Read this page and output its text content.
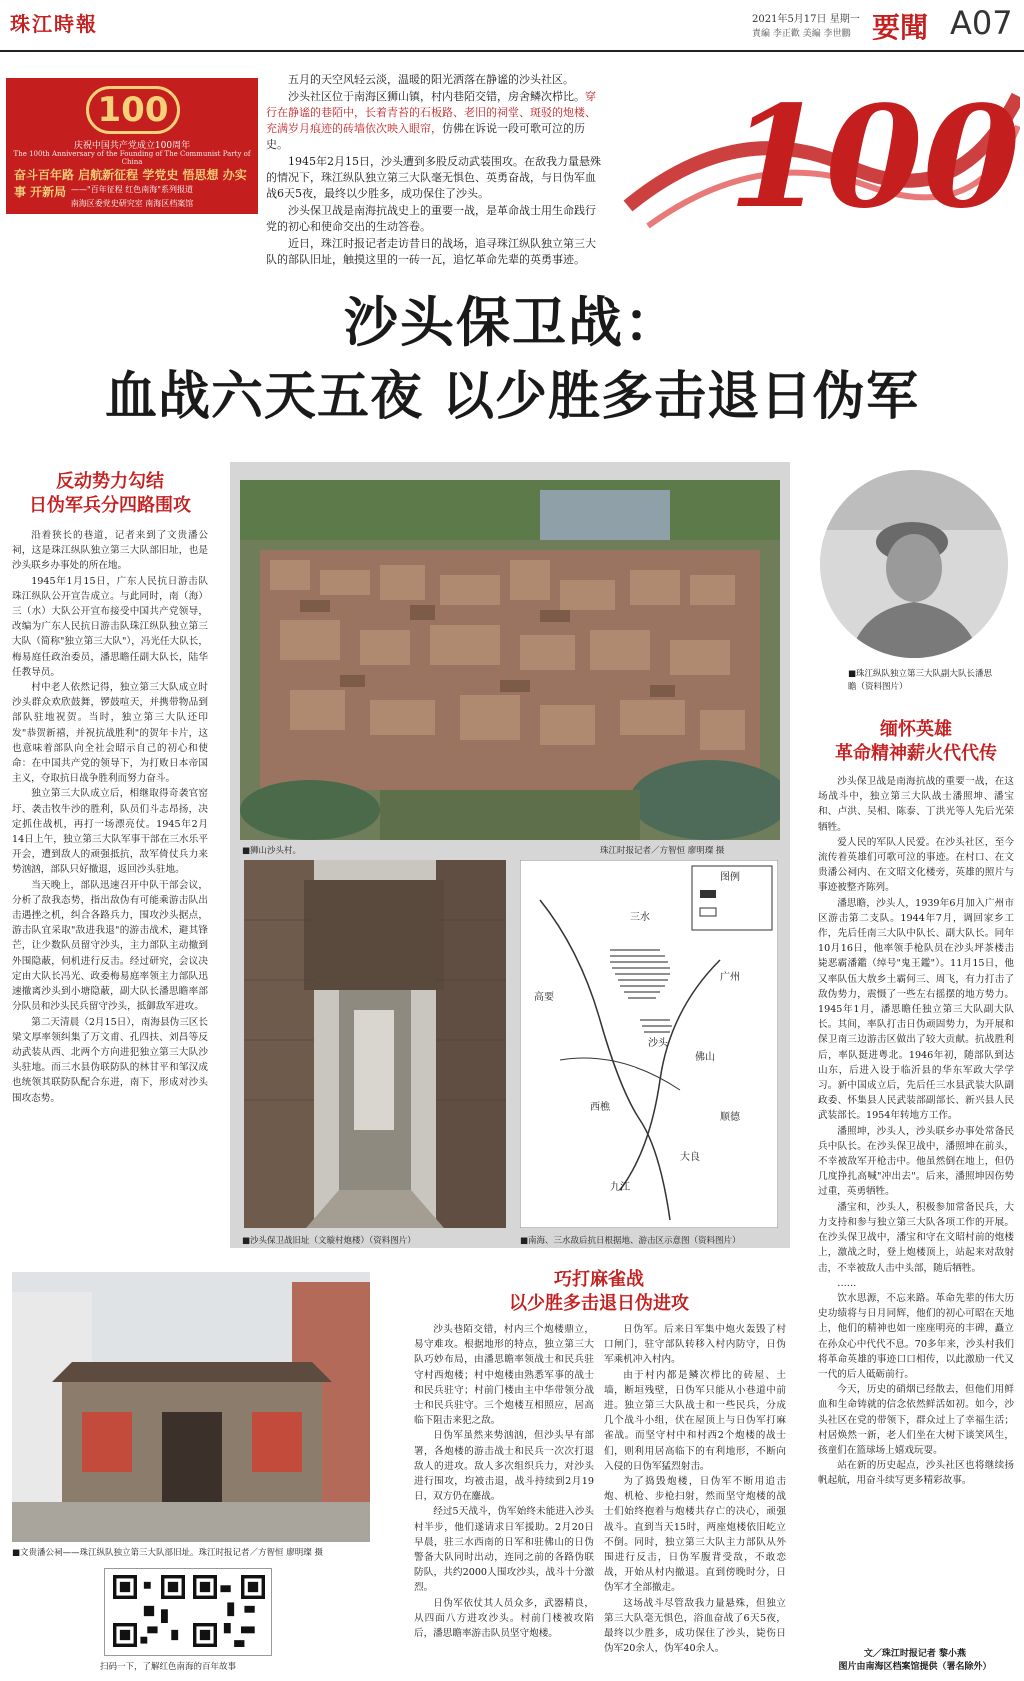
珠江時報	2021年5月17日 星期一
責編 李正歡 美編 李世鵬 要聞 A07
100
庆祝中国共产党成立100周年
The 100th Anniversary of the Founding of The Communist Party of China
奋斗百年路 启航新征程 学党史 悟思想 办实事 开新局 ——"百年征程 红色南海"系列报道
南海区委党史研究室 南海区档案馆

五月的天空风轻云淡，温暖的阳光洒落在静谧的沙头社区。

沙头社区位于南海区狮山镇，村内巷陌交错，房舍鳞次栉比。穿行在静谧的巷陌中，长着青苔的石板路、老旧的祠堂、斑驳的炮楼、充满岁月痕迹的砖墙依次映入眼帘，仿佛在诉说一段可歌可泣的历史。

1945年2月15日，沙头遭到多股反动武装围攻。在敌我力量悬殊的情况下，珠江纵队独立第三大队毫无惧色、英勇奋战，与日伪军血战6天5夜，最终以少胜多，成功保住了沙头。

沙头保卫战是南海抗战史上的重要一战，是革命战士用生命践行党的初心和使命交出的生动答卷。

近日，珠江时报记者走访昔日的战场，追寻珠江纵队独立第三大队的部队旧址，触摸这里的一砖一瓦，追忆革命先辈的英勇事迹。

100
沙头保卫战：
血战六天五夜 以少胜多击退日伪军
反动势力勾结
日伪军兵分四路围攻

沿着狭长的巷道，记者来到了文贵潘公祠，这是珠江纵队独立第三大队部旧址，也是沙头联乡办事处的所在地。

1945年1月15日，广东人民抗日游击队珠江纵队公开宣告成立。与此同时，南（海）三（水）大队公开宣布接受中国共产党领导，改编为广东人民抗日游击队珠江纵队独立第三大队（简称"独立第三大队"），冯光任大队长，梅易庭任政治委员，潘思瞻任副大队长，陆华任教导员。

村中老人依然记得，独立第三大队成立时沙头群众欢欣鼓舞，锣鼓喧天，并携带物品到部队驻地祝贺。当时，独立第三大队还印发"恭贺新禧，并祝抗战胜利"的贺年卡片，这也意味着部队向全社会昭示自己的初心和使命：在中国共产党的领导下，为打败日本帝国主义，夺取抗日战争胜利而努力奋斗。

独立第三大队成立后，相继取得奇袭官窑圩、袭击牧牛沙的胜利，队员们斗志昂扬，决定抓住战机，再打一场漂亮仗。1945年2月14日上午，独立第三大队军事干部在三水乐平开会，遭到敌人的顽强抵抗，敌军倚仗兵力来势汹汹，部队只好撤退，返回沙头驻地。

当天晚上，部队迅速召开中队干部会议，分析了敌我态势，指出敌伪有可能乘游击队出击遇挫之机，纠合各路兵力，围攻沙头据点，游击队宜采取"敌进我退"的游击战术，避其锋芒，让少数队员留守沙头，主力部队主动撤到外围隐蔽，伺机进行反击。经过研究，会议决定由大队长冯光、政委梅易庭率领主力部队迅速撤离沙头到小塘隐蔽，副大队长潘思瞻率部分队员和沙头民兵留守沙头，抵御敌军进攻。

第二天清晨（2月15日），南海县伪三区长梁文厚率领纠集了万文甫、孔四扶、刘昌等反动武装从西、北两个方向进犯独立第三大队沙头驻地。而三水县伪联防队的林甘平和邹汉成也统领其联防队配合东进，南下，形成对沙头围攻态势。

■狮山沙头村。	珠江时报记者／方智恒 廖明璨 摄
■沙头保卫战旧址（文璇村炮楼）（资料图片）
图例
三水
广州
沙头
西樵
九江
大良
高要
佛山
顺德
■南海、三水敌后抗日根据地、游击区示意图（资料图片）
■珠江纵队独立第三大队副大队长潘思瞻（资料图片）
缅怀英雄
革命精神薪火代代传

沙头保卫战是南海抗战的重要一战，在这场战斗中，独立第三大队战士潘照坤、潘宝和、卢洪、吴相、陈泰、丁洪光等人先后光荣牺牲。

爱人民的军队人民爱。在沙头社区，至今流传着英雄们可歌可泣的事迹。在村口、在文贵潘公祠内、在文昭文化楼旁，英雄的照片与事迹被整齐陈列。

潘思瞻，沙头人，1939年6月加入广州市区游击第二支队。1944年7月，调回家乡工作，先后任南三大队中队长、副大队长。同年10月16日，他率领手枪队员在沙头坪茶楼击毙恶霸潘鑑（绰号"鬼王鑑"）。11月15日，他又率队伍大敖乡土霸何三、周飞，有力打击了敌伪势力，震慑了一些左右摇摆的地方势力。1945年1月，潘思瞻任独立第三大队副大队长。其间，率队打击日伪顽固势力，为开展和保卫南三边游击区做出了较大贡献。抗战胜利后，率队挺进粤北。1946年初，随部队到达山东，后进入设于临沂县的华东军政大学学习。新中国成立后，先后任三水县武装大队副政委、怀集县人民武装部副部长、新兴县人民武装部长。1954年转地方工作。

潘照坤，沙头人，沙头联乡办事处常备民兵中队长。在沙头保卫战中，潘照坤在前头，不幸被敌军开枪击中。他虽然倒在地上，但仍几度挣扎高喊"冲出去"。后来，潘照坤因伤势过重，英勇牺牲。

潘宝和，沙头人，积极参加常备民兵，大力支持和参与独立第三大队各项工作的开展。在沙头保卫战中，潘宝和守在文昭村前的炮楼上，激战之时，登上炮楼顶上，站起来对敌射击，不幸被敌人击中头部，随后牺牲。

……

饮水思源，不忘来路。革命先辈的伟大历史功绩将与日月同辉，他们的初心可昭在天地上，他们的精神也如一座座明亮的丰碑，矗立在孙众心中代代不息。70多年来，沙头村我们将革命英雄的事迹口口相传，以此激励一代又一代的后人砥砺前行。

今天，历史的硝烟已经散去，但他们用鲜血和生命铸就的信念依然鲜活如初。如今，沙头社区在党的带领下，群众过上了幸福生活；村居焕然一新，老人们坐在大树下谈笑风生，孩童们在篮球场上嬉戏玩耍。

站在新的历史起点，沙头社区也将继续扬帆起航，用奋斗续写更多精彩故事。

文／珠江时报记者 黎小燕
图片由南海区档案馆提供（署名除外）
■文贵潘公祠——珠江纵队独立第三大队部旧址。珠江时报记者／方智恒 廖明璨 摄
扫码一下，了解红色南海的百年故事
巧打麻雀战
以少胜多击退日伪进攻

沙头巷陌交错，村内三个炮楼鼎立，易守难攻。根据地形的特点，独立第三大队巧妙布局，由潘思瞻率领战士和民兵驻守村西炮楼；村中炮楼由熟悉军事的战士和民兵驻守；村前门楼由主中华带领分战士和民兵驻守。三个炮楼互相照应，居高临下阻击来犯之敌。

日伪军虽然来势汹汹，但沙头早有部署，各炮楼的游击战士和民兵一次次打退敌人的进攻。敌人多次组织兵力，对沙头进行围攻，均被击退，战斗持续到2月19日，双方仍在鏖战。

经过5天战斗，伪军始终未能进入沙头村半步，他们遂请求日军援助。2月20日早晨，驻三水西南的日军和驻佛山的日伪警备大队同时出动，连同之前的各路伪联防队，共约2000人围攻沙头，战斗十分激烈。

日伪军依仗其人员众多，武器精良，从四面八方进攻沙头。村前门楼被攻陷后，潘思瞻率游击队员坚守炮楼。

日伪军。后来日军集中炮火轰毁了村口闸门，驻守部队转移入村内防守，日伪军乘机冲入村内。

由于村内都是鳞次栉比的砖屋、土墙，断垣残壁，日伪军只能从小巷道中前进。独立第三大队战士和一些民兵，分成几个战斗小组，伏在屋顶上与日伪军打麻雀战。而坚守村中和村西2个炮楼的战士们，则利用居高临下的有利地形，不断向入侵的日伪军猛烈射击。

为了捣毁炮楼，日伪军不断用追击炮、机枪、步枪扫射，然而坚守炮楼的战士们始终抱着与炮楼共存亡的决心，顽强战斗。直到当天15时，两座炮楼依旧屹立不倒。同时，独立第三大队主力部队从外围进行反击，日伪军腹背受敌，不敢恋战，开始从村内撤退。直到傍晚时分，日伪军才全部撤走。

这场战斗尽管敌我力量悬殊，但独立第三大队毫无惧色，浴血奋战了6天5夜，最终以少胜多，成功保住了沙头，毙伤日伪军20余人，伪军40余人。
